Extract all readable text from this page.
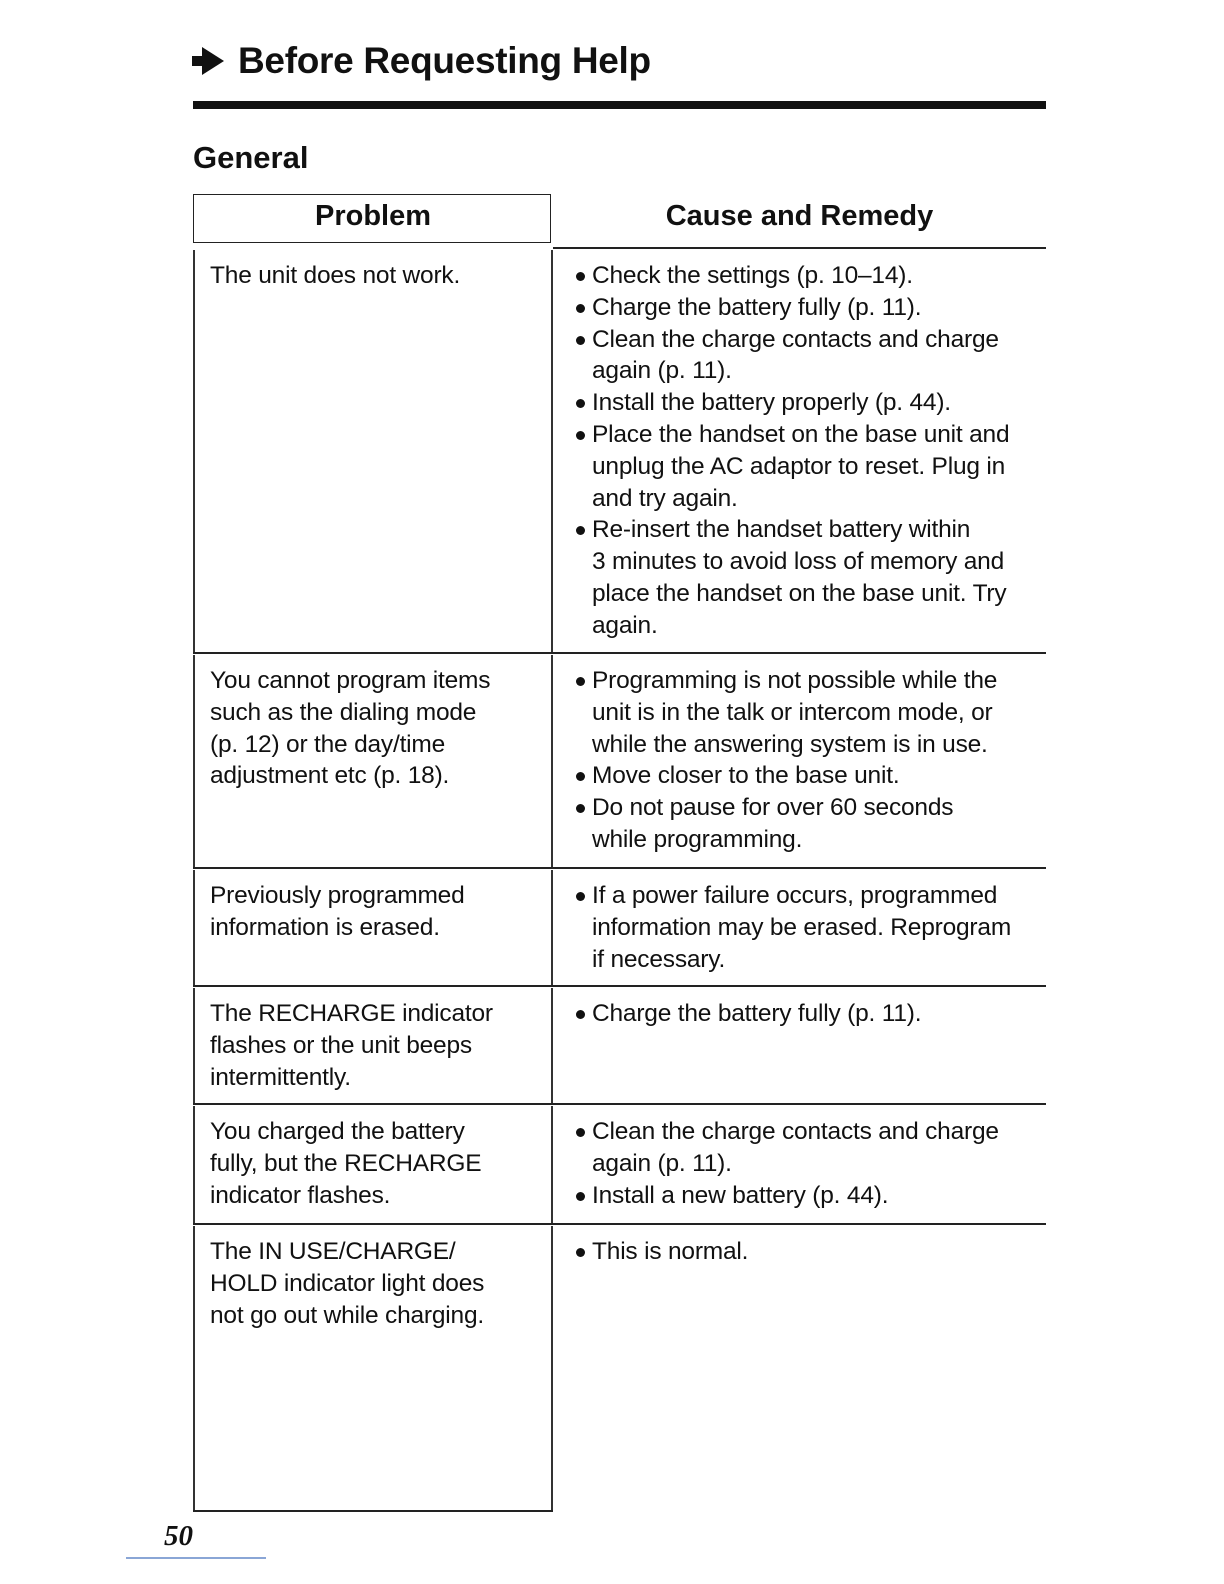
Before Requesting Help
General
Problem	Cause and Remedy
The unit does not work.	Check the settings (p. 10–14).
Charge the battery fully (p. 11).
Clean the charge contacts and charge
again (p. 11).
Install the battery properly (p. 44).
Place the handset on the base unit and
unplug the AC adaptor to reset. Plug in
and try again.
Re-insert the handset battery within
3 minutes to avoid loss of memory and
place the handset on the base unit. Try
again.
You cannot program items
such as the dialing mode
(p. 12) or the day/time
adjustment etc (p. 18).
Programming is not possible while the
unit is in the talk or intercom mode, or
while the answering system is in use.
Move closer to the base unit.
Do not pause for over 60 seconds
while programming.
Previously programmed
information is erased.
If a power failure occurs, programmed
information may be erased. Reprogram
if necessary.
The RECHARGE indicator
flashes or the unit beeps
intermittently.
Charge the battery fully (p. 11).
You charged the battery
fully, but the RECHARGE
indicator flashes.
Clean the charge contacts and charge
again (p. 11).
Install a new battery (p. 44).
The IN USE/CHARGE/
HOLD indicator light does
not go out while charging.
This is normal.
50
